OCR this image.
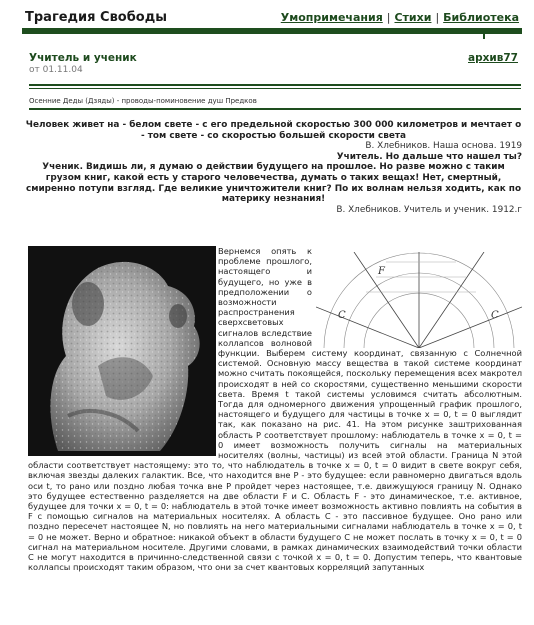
Трагедия Свободы	Умопримечания | Стихи | Библиотека
Учитель и ученик
от 01.11.04
архив77
Осенние Деды (Дзяды) - проводы-поминовение душ Предков
Человек живет на - белом свете - с его предельной скоростью 300 000 километров и мечтает о - том свете - со скоростью большей скорости света
В. Хлебников. Наша основа. 1919
Учитель. Но дальше что нашел ты?
Ученик. Видишь ли, я думаю о действии будущего на прошлое. Но разве можно с таким грузом книг, какой есть у старого человечества, думать о таких вещах! Нет, смертный, смиренно потупи взгляд. Где великие уничтожители книг? По их волнам нельзя ходить, как по материку незнания!
В. Хлебников. Учитель и ученик. 1912.г
F
C	C
Вернемся опять к проблеме прошлого, настоящего и будущего, но уже в предположении о возможности распространения сверхсветовых сигналов вследствие коллапсов волновой функции. Выберем систему координат, связанную с Солнечной системой. Основную массу вещества в такой системе координат можно считать покоящейся, поскольку перемещения всех макротел происходят в ней со скоростями, существенно меньшими скорости света. Время t такой системы условимся считать абсолютным. Тогда для одномерного движения упрощенный график прошлого, настоящего и будущего для частицы в точке x = 0, t = 0 выглядит так, как показано на рис. 41. На этом рисунке заштрихованная область P соответствует прошлому: наблюдатель в точке x = 0, t = 0 имеет возможность получить сигналы на материальных носителях (волны, частицы) из всей этой области. Граница N этой области соответствует настоящему: это то, что наблюдатель в точке x = 0, t = 0 видит в свете вокруг себя, включая звезды далеких галактик. Все, что находится вне P - это будущее: если равномерно двигаться вдоль оси t, то рано или поздно любая точка вне P пройдет через настоящее, т.е. движущуюся границу N. Однако это будущее естественно разделяется на две области F и C. Область F - это динамическое, т.е. активное, будущее для точки x = 0, t = 0: наблюдатель в этой точке имеет возможность активно повлиять на события в F с помощью сигналов на материальных носителях. А область C - это пассивное будущее. Оно рано или поздно пересечет настоящее N, но повлиять на него материальными сигналами наблюдатель в точке x = 0, t = 0 не может. Верно и обратное: никакой объект в области будущего C не может послать в точку x = 0, t = 0 сигнал на материальном носителе. Другими словами, в рамках динамических взаимодействий точки области C не могут находится в причинно-следственной связи с точкой x = 0, t = 0. Допустим теперь, что квантовые коллапсы происходят таким образом, что они за счет квантовых корреляций запутанных
